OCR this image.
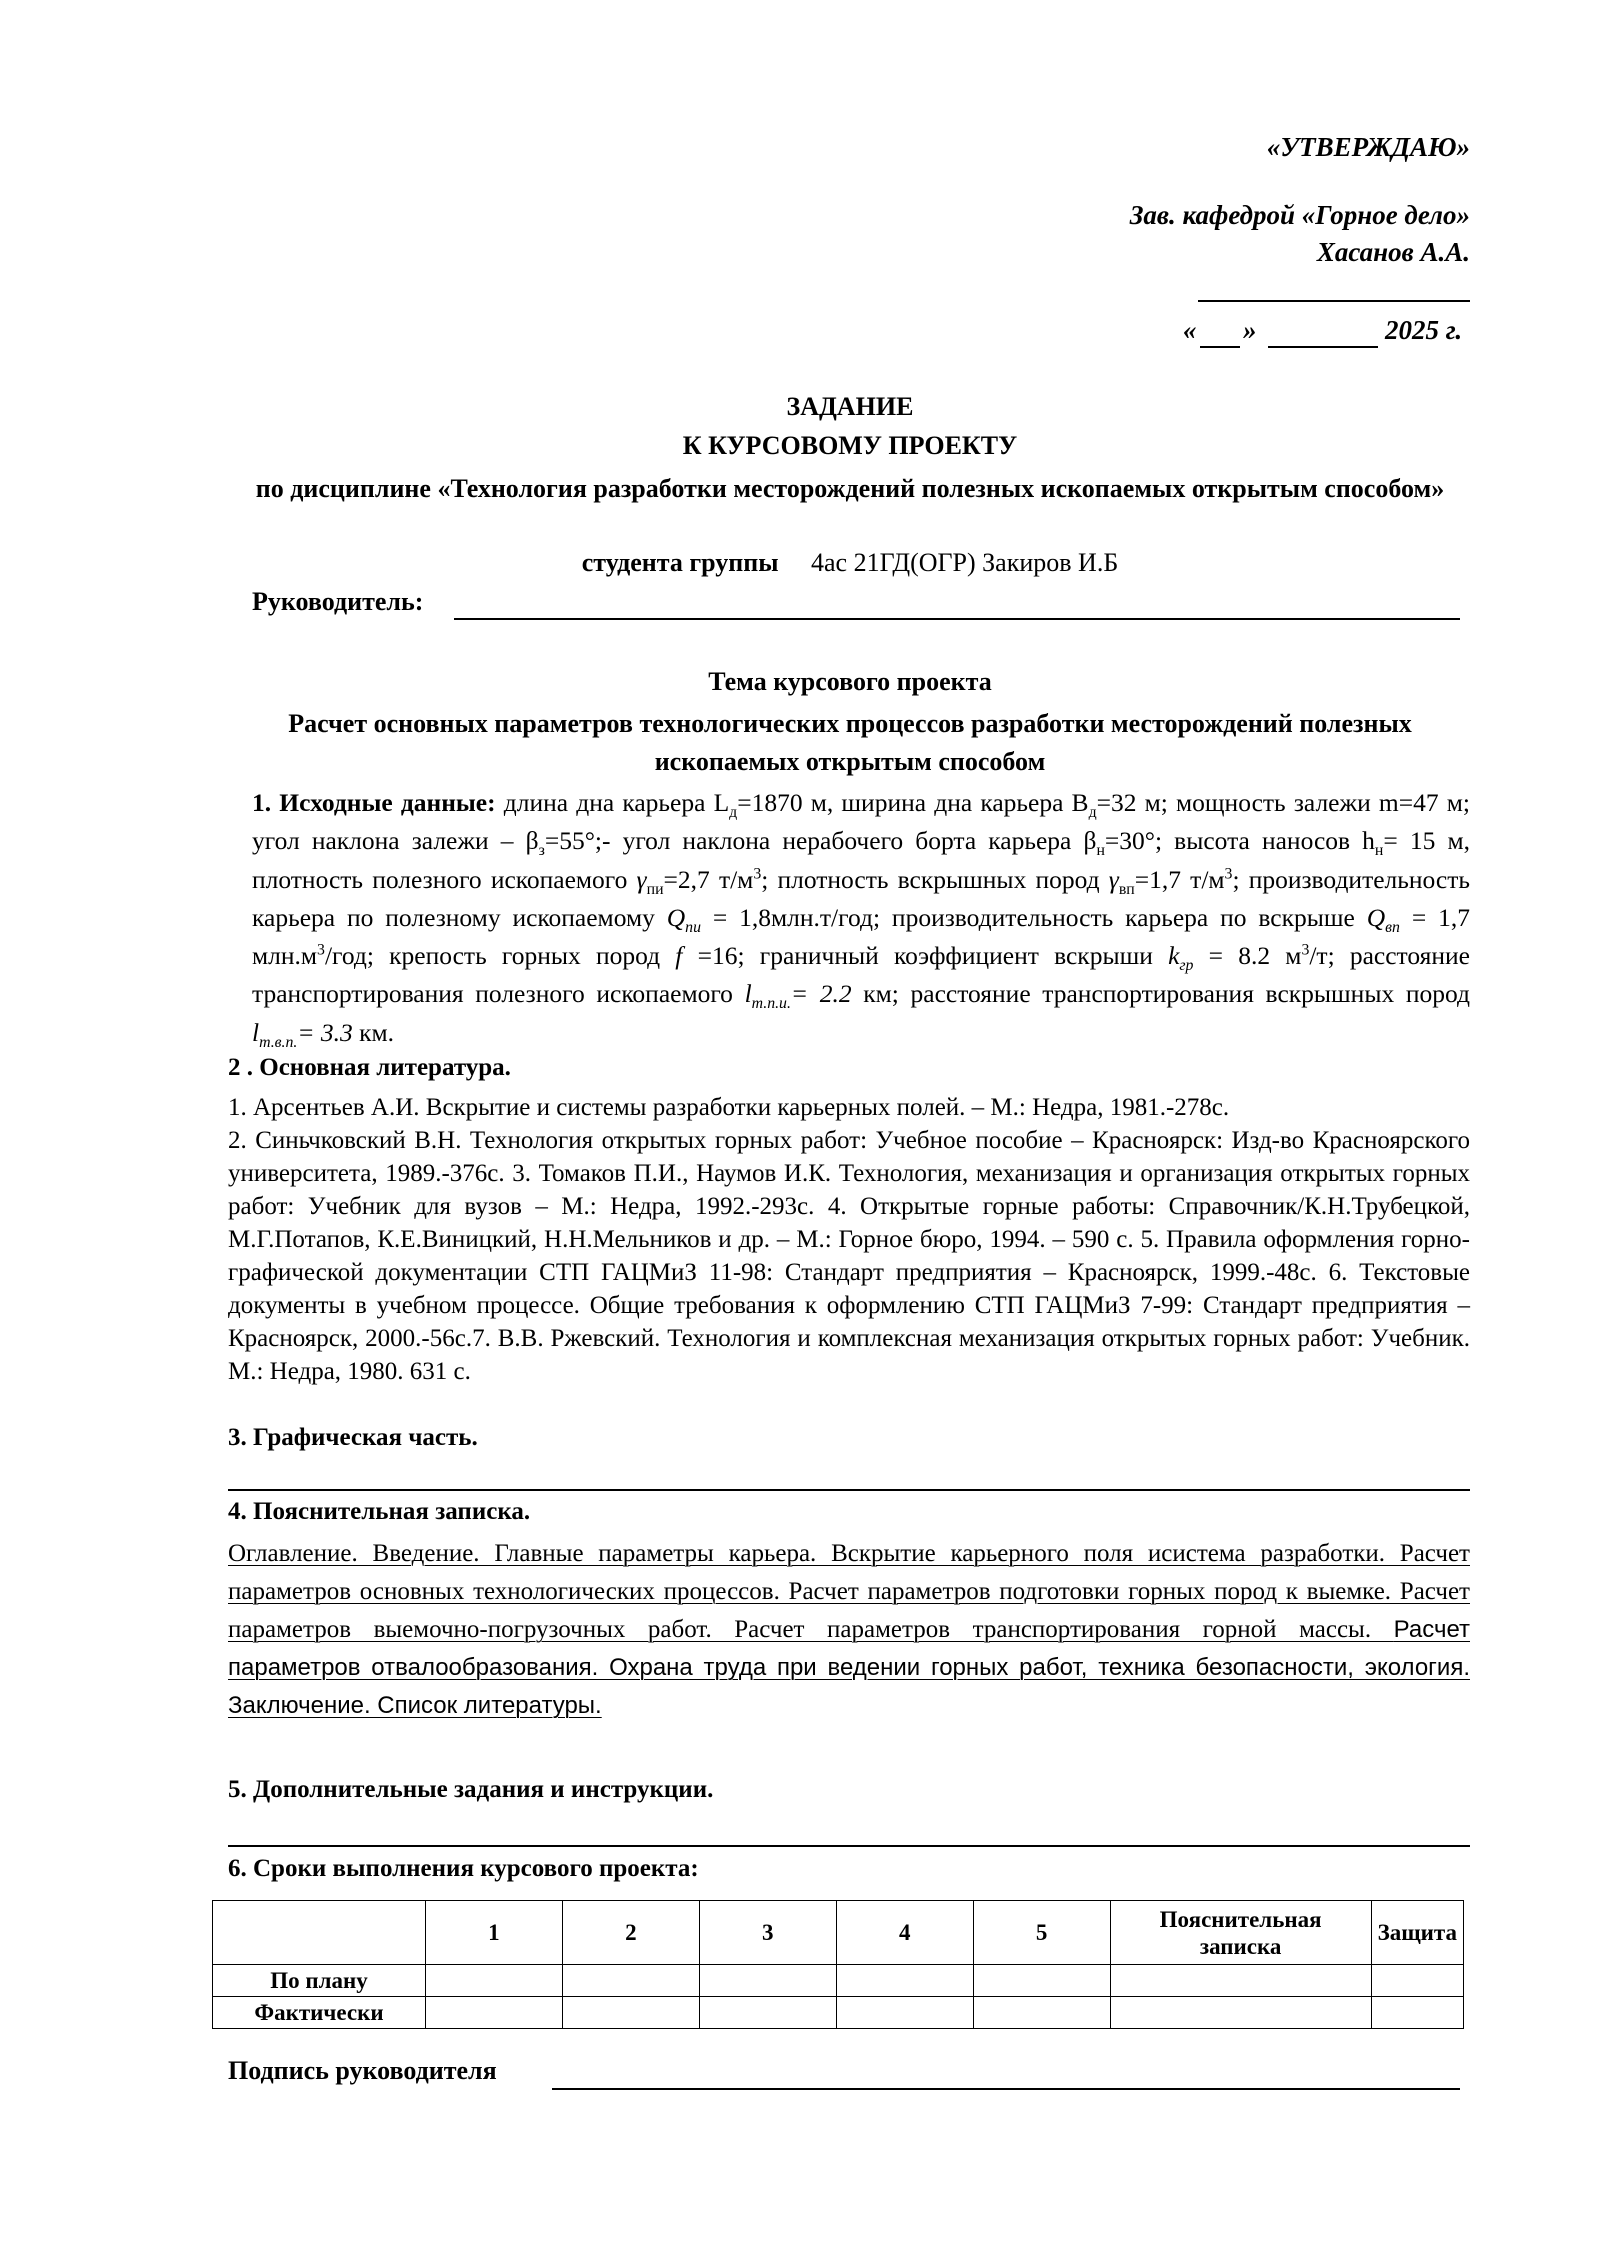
«УТВЕРЖДАЮ»
Зав. кафедрой «Горное дело»
Хасанов А.А.
« »	2025 г.
ЗАДАНИЕ
К КУРСОВОМУ ПРОЕКТУ
по дисциплине «Технология разработки месторождений полезных ископаемых открытым способом»
студента группы 4ас 21ГД(ОГР) Закиров И.Б
Руководитель:
Тема курсового проекта
Расчет основных параметров технологических процессов разработки месторождений полезных ископаемых открытым способом
1. Исходные данные: длина дна карьера $L_д=1870$ м, ширина дна карьера $B_д=32$ м; мощность залежи m=47 м; угол наклона залежи – $\beta_з=55^\circ;-$ угол наклона нерабочего борта карьера $\beta_н=30^\circ$; высота наносов $h_н= 15$ м, плотность полезного ископаемого $\gamma_{пи}=2,7$ $т/м^3$; плотность вскрышных пород $\gamma_{вп}=1,7$ $т/м^3$; производительность карьера по полезному ископаемому $Q_{пи} = 1,8млн.т/год$; производительность карьера по вскрыше $Q_{вп} = 1,7$ $млн.м^3$/год; крепость горных пород f =16; граничный коэффициент вскрыши $k_{гр} = 8.2$ $м^3/т$; расстояние транспортирования полезного ископаемого $l_{т.п.и.}= 2.2$ км; расстояние транспортирования вскрышных пород $l_{т.в.п.}= 3.3$ км.
2 . Основная литература.
1. Арсентьев А.И. Вскрытие и системы разработки карьерных полей. – М.: Недра, 1981.-278с.
2. Синьчковский В.Н. Технология открытых горных работ: Учебное пособие – Красноярск: Изд-во Красноярского университета, 1989.-376с. 3. Томаков П.И., Наумов И.К. Технология, механизация и организация открытых горных работ: Учебник для вузов – М.: Недра, 1992.-293с. 4. Открытые горные работы: Справочник/К.Н.Трубецкой, М.Г.Потапов, К.Е.Виницкий, Н.Н.Мельников и др. – М.: Горное бюро, 1994. – 590 с. 5. Правила оформления горно-графической документации СТП ГАЦМиЗ 11-98: Стандарт предприятия – Красноярск, 1999.-48с. 6. Текстовые документы в учебном процессе. Общие требования к оформлению СТП ГАЦМиЗ 7-99: Стандарт предприятия – Красноярск, 2000.-56с.7. В.В. Ржевский. Технология и комплексная механизация открытых горных работ: Учебник. М.: Недра, 1980. 631 с.
3. Графическая часть.
4. Пояснительная записка.
Оглавление. Введение. Главные параметры карьера. Вскрытие карьерного поля исистема разработки. Расчет параметров основных технологических процессов. Расчет параметров подготовки горных пород к выемке. Расчет параметров выемочно-погрузочных работ. Расчет параметров транспортирования горной массы. Расчет параметров отвалообразования. Охрана труда при ведении горных работ, техника безопасности, экология. Заключение. Список литературы.
5. Дополнительные задания и инструкции.
6. Сроки выполнения курсового проекта:
	1	2	3	4	5	Пояснительная записка	Защита
По плану							
Фактически							
Подпись руководителя
